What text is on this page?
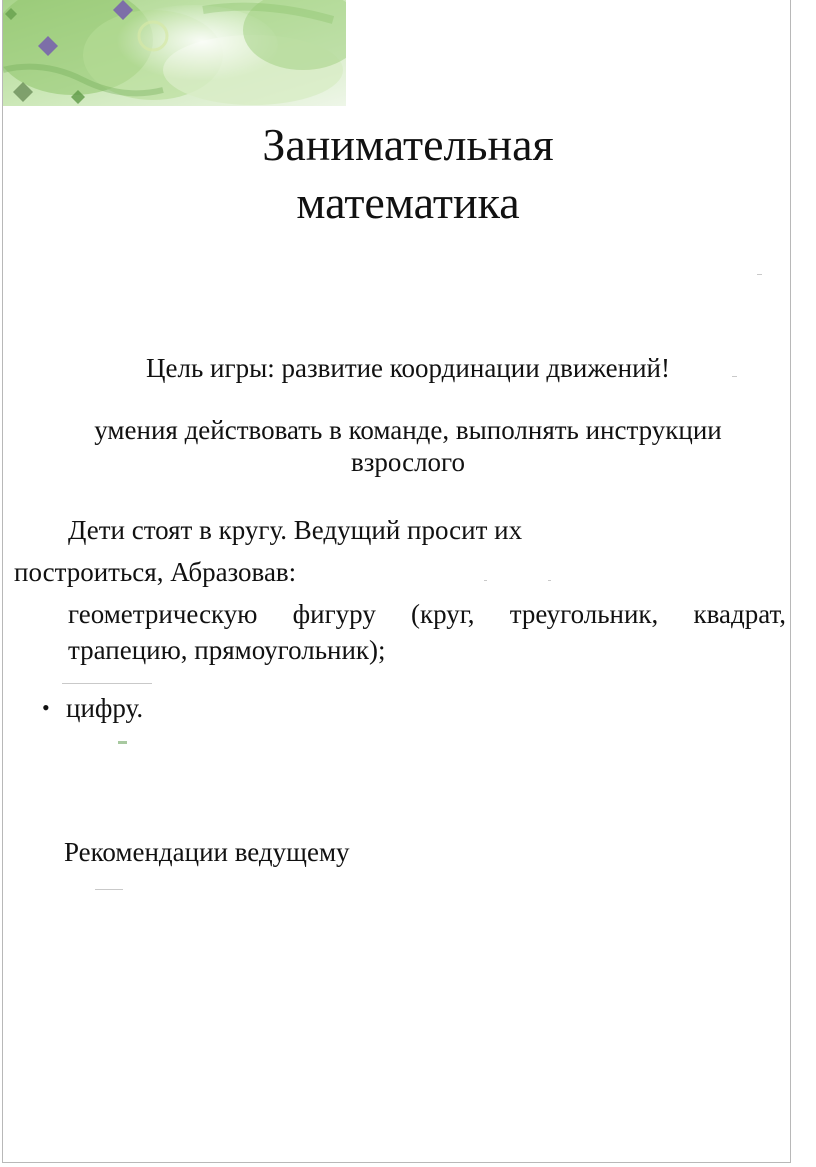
Занимательная
математика
Цель игры: развитие координации движений!
умения действовать в команде, выполнять инструкции взрослого
Дети стоят в кругу. Ведущий просит их
построиться, Абразовав:
геометрическую фигуру (круг, треугольник, квадрат, трапецию, прямоугольник);
• цифру.
Рекомендации ведущему
